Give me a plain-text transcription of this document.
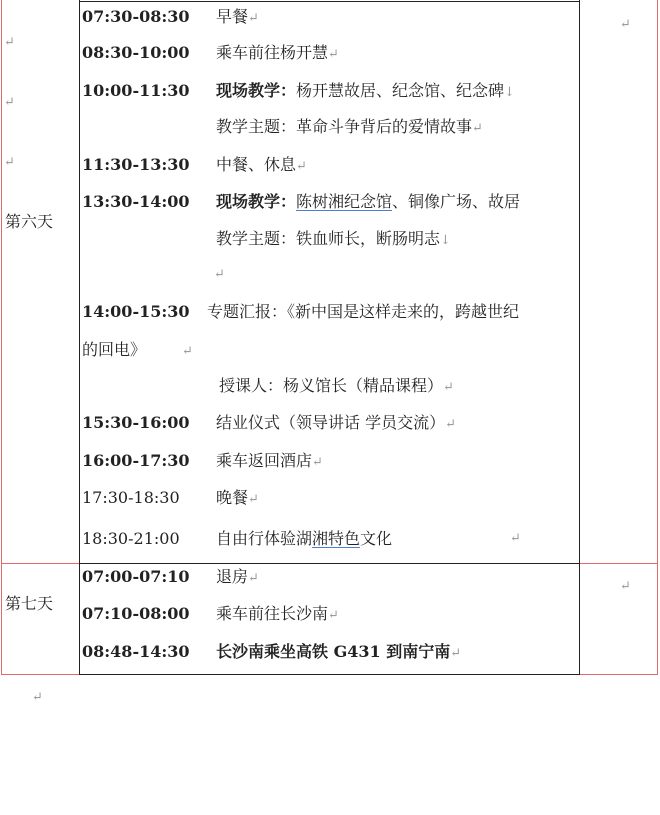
↵
↵
↵
↵
↵
↵
第六天
第七天
07:30-08:30 早餐↵
08:30-10:00 乘车前往杨开慧↵
10:00-11:30 现场教学：杨开慧故居、纪念馆、纪念碑↓
教学主题：革命斗争背后的爱情故事↵
11:30-13:30 中餐、休息↵
13:30-14:00 现场教学：陈树湘纪念馆、铜像广场、故居
教学主题：铁血师长，断肠明志↓
↵
14:00-15:30 专题汇报：《新中国是这样走来的，跨越世纪
的回电》	↵
授课人：杨义馆长（精品课程）↵
15:30-16:00 结业仪式（领导讲话 学员交流）↵
16:00-17:30 乘车返回酒店↵
17:30-18:30 晚餐↵
18:30-21:00 自由行体验湖湘特色文化	↵
07:00-07:10 退房↵
07:10-08:00 乘车前往长沙南↵
08:48-14:30 长沙南乘坐高铁 G431 到南宁南↵
